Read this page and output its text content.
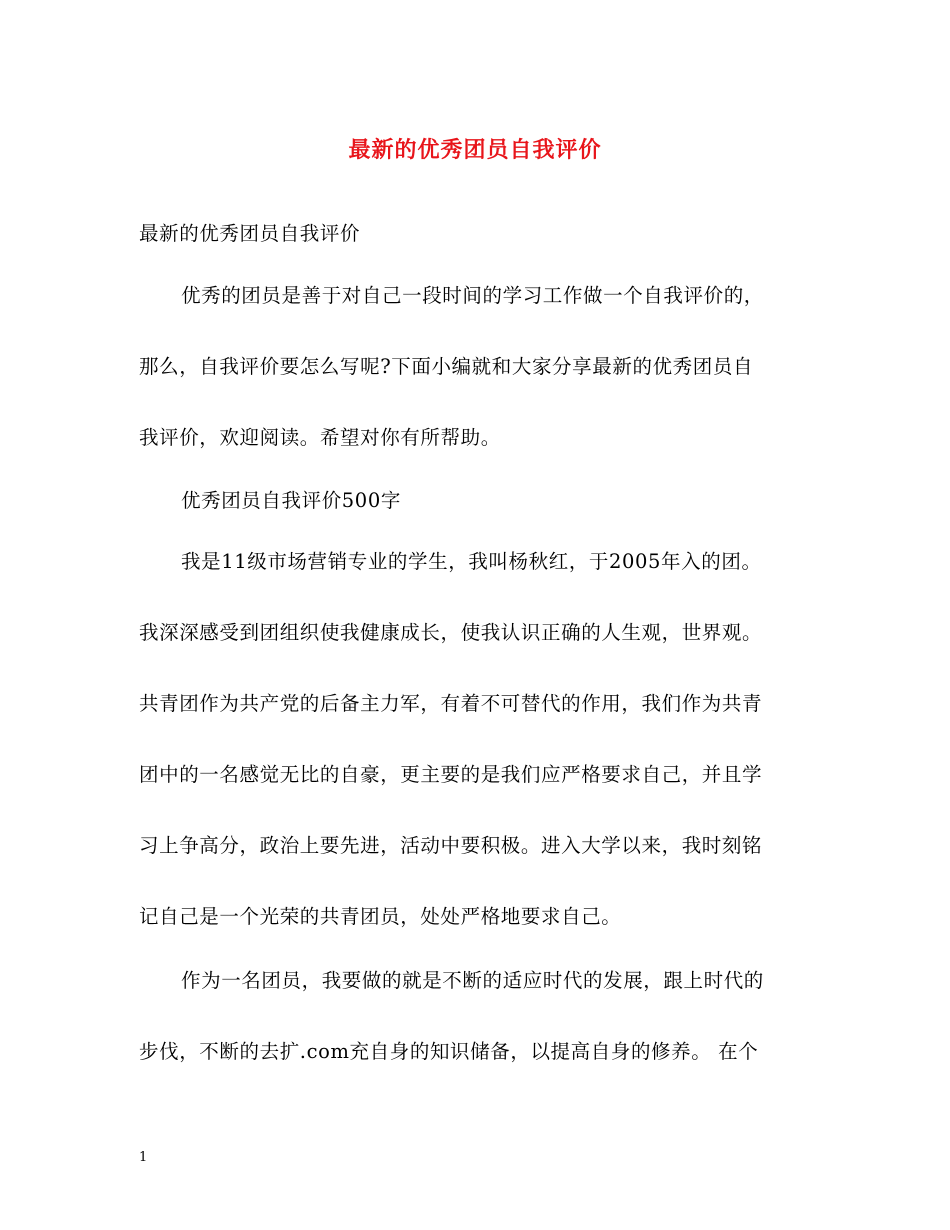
最新的优秀团员自我评价
最新的优秀团员自我评价
优秀的团员是善于对自己一段时间的学习工作做一个自我评价的，
那么，自我评价要怎么写呢?下面小编就和大家分享最新的优秀团员自
我评价，欢迎阅读。希望对你有所帮助。
优秀团员自我评价500字
我是11级市场营销专业的学生，我叫杨秋红，于2005年入的团。
我深深感受到团组织使我健康成长，使我认识正确的人生观，世界观。
共青团作为共产党的后备主力军，有着不可替代的作用，我们作为共青
团中的一名感觉无比的自豪，更主要的是我们应严格要求自己，并且学
习上争高分，政治上要先进，活动中要积极。进入大学以来，我时刻铭
记自己是一个光荣的共青团员，处处严格地要求自己。
作为一名团员，我要做的就是不断的适应时代的发展，跟上时代的
步伐，不断的去扩.com充自身的知识储备，以提高自身的修养。 在个
1
